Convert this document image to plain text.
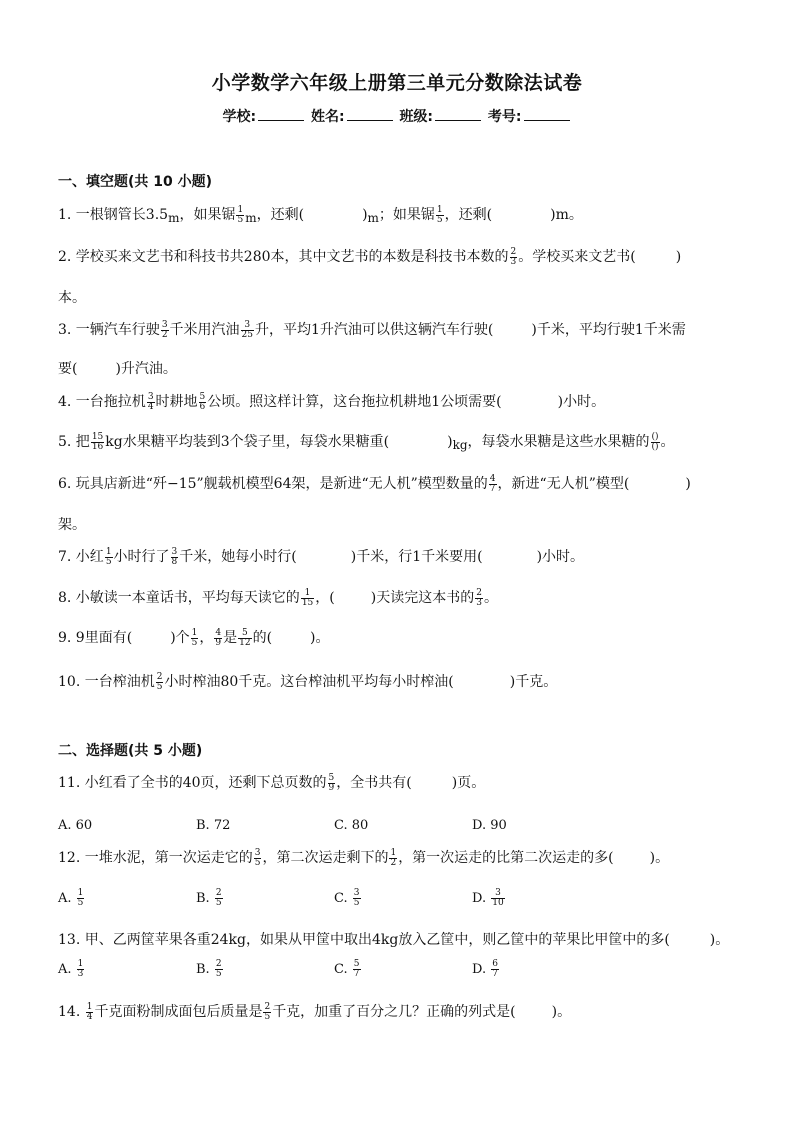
小学数学六年级上册第三单元分数除法试卷
学校:	姓名:	班级:	考号:
一、填空题(共 10 小题)
1. 一根钢管长3.5m，如果锯 $\frac{1}{5}$ m，还剩(	)m；如果锯 $\frac{1}{5}$ ，还剩(	)m。
2. 学校买来文艺书和科技书共280本，其中文艺书的本数是科技书本数的 $\frac{2}{3}$ 。学校买来文艺书(	)
本。
3. 一辆汽车行驶 $\frac{3}{2}$ 千米用汽油 $\frac{3}{25}$ 升，平均1升汽油可以供这辆汽车行驶(	)千米，平均行驶1千米需
要(	)升汽油。
4. 一台拖拉机 $\frac{3}{4}$ 时耕地 $\frac{5}{6}$ 公顷。照这样计算，这台拖拉机耕地1公顷需要(	)小时。
5. 把 $\frac{15}{16}$ kg水果糖平均装到3个袋子里，每袋水果糖重(	)kg，每袋水果糖是这些水果糖的 $\frac{()}{()}$ 。
6. 玩具店新进“歼−15”舰载机模型64架，是新进“无人机”模型数量的 $\frac{4}{7}$ ，新进“无人机”模型(	)
架。
7. 小红 $\frac{1}{5}$ 小时行了 $\frac{3}{8}$ 千米，她每小时行(	)千米，行1千米要用(	)小时。
8. 小敏读一本童话书，平均每天读它的 $\frac{1}{15}$ ，(	)天读完这本书的 $\frac{2}{3}$ 。
9. 9里面有(	)个 $\frac{1}{5}$ ， $\frac{4}{9}$ 是 $\frac{5}{12}$ 的(	)。
10. 一台榨油机 $\frac{2}{5}$ 小时榨油80千克。这台榨油机平均每小时榨油(	)千克。
二、选择题(共 5 小题)
11. 小红看了全书的40页，还剩下总页数的 $\frac{5}{9}$ ，全书共有(	)页。
A. 60	B. 72	C. 80	D. 90
12. 一堆水泥，第一次运走它的 $\frac{3}{5}$ ，第二次运走剩下的 $\frac{1}{2}$ ，第一次运走的比第二次运走的多(	)。
A. $\frac{1}{5}$	B. $\frac{2}{5}$	C. $\frac{3}{5}$	D. $\frac{3}{10}$
13. 甲、乙两筐苹果各重24kg，如果从甲筐中取出4kg放入乙筐中，则乙筐中的苹果比甲筐中的多(	)。
A. $\frac{1}{3}$	B. $\frac{2}{5}$	C. $\frac{5}{7}$	D. $\frac{6}{7}$
14. $\frac{1}{4}$ 千克面粉制成面包后质量是 $\frac{2}{5}$ 千克，加重了百分之几？正确的列式是(	)。
